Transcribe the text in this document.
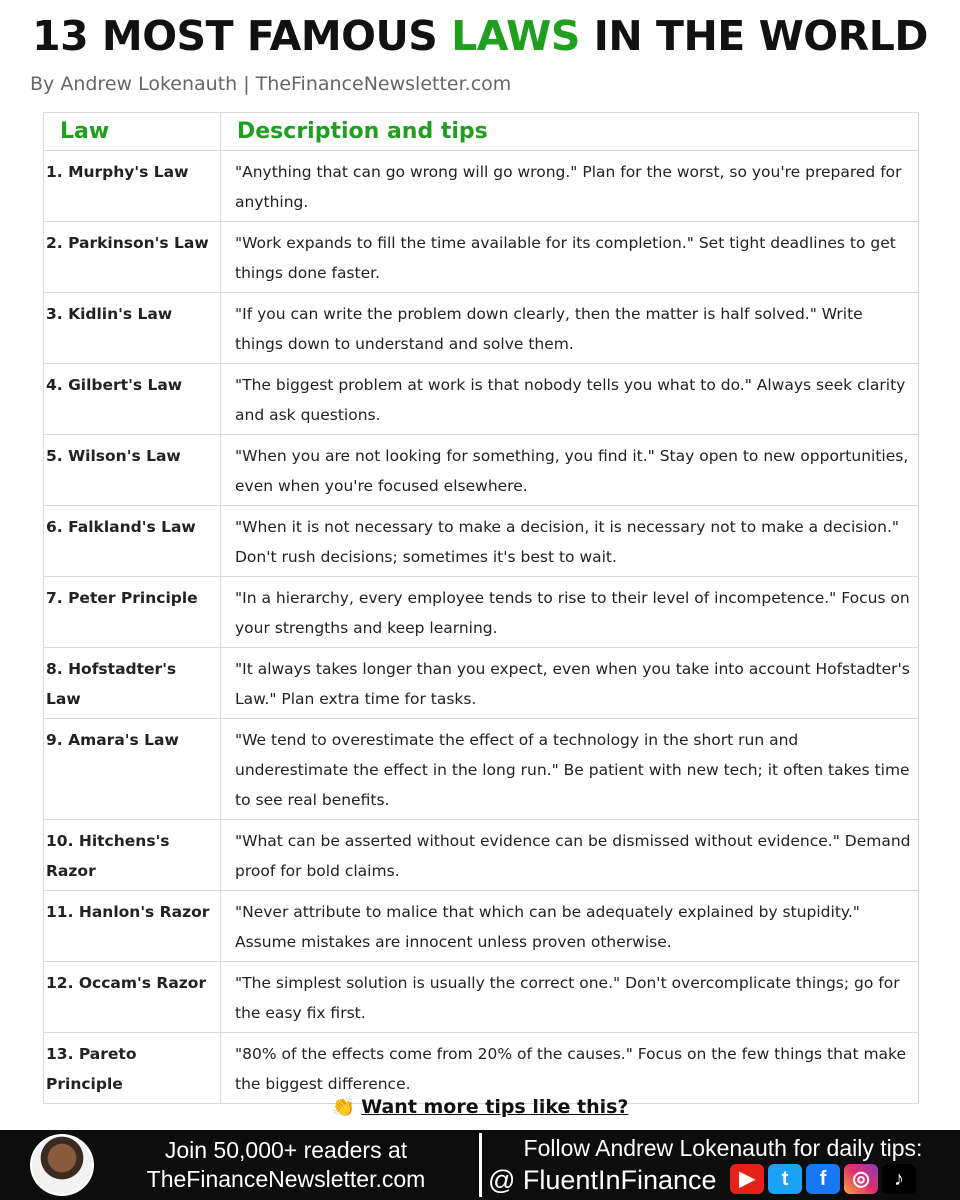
13 MOST FAMOUS LAWS IN THE WORLD
By Andrew Lokenauth | TheFinanceNewsletter.com
Law	Description and tips
1. Murphy's Law	"Anything that can go wrong will go wrong." Plan for the worst, so you're prepared for anything.
2. Parkinson's Law	"Work expands to fill the time available for its completion." Set tight deadlines to get things done faster.
3. Kidlin's Law	"If you can write the problem down clearly, then the matter is half solved." Write things down to understand and solve them.
4. Gilbert's Law	"The biggest problem at work is that nobody tells you what to do." Always seek clarity and ask questions.
5. Wilson's Law	"When you are not looking for something, you find it." Stay open to new opportunities, even when you're focused elsewhere.
6. Falkland's Law	"When it is not necessary to make a decision, it is necessary not to make a decision." Don't rush decisions; sometimes it's best to wait.
7. Peter Principle	"In a hierarchy, every employee tends to rise to their level of incompetence." Focus on your strengths and keep learning.
8. Hofstadter's Law	"It always takes longer than you expect, even when you take into account Hofstadter's Law." Plan extra time for tasks.
9. Amara's Law	"We tend to overestimate the effect of a technology in the short run and underestimate the effect in the long run." Be patient with new tech; it often takes time to see real benefits.
10. Hitchens's Razor	"What can be asserted without evidence can be dismissed without evidence." Demand proof for bold claims.
11. Hanlon's Razor	"Never attribute to malice that which can be adequately explained by stupidity." Assume mistakes are innocent unless proven otherwise.
12. Occam's Razor	"The simplest solution is usually the correct one." Don't overcomplicate things; go for the easy fix first.
13. Pareto Principle	"80% of the effects come from 20% of the causes." Focus on the few things that make the biggest difference.
👏 Want more tips like this?
Join 50,000+ readers at
TheFinanceNewsletter.com
Follow Andrew Lokenauth for daily tips:
@ FluentInFinance	▶	t	f	◎	♪
